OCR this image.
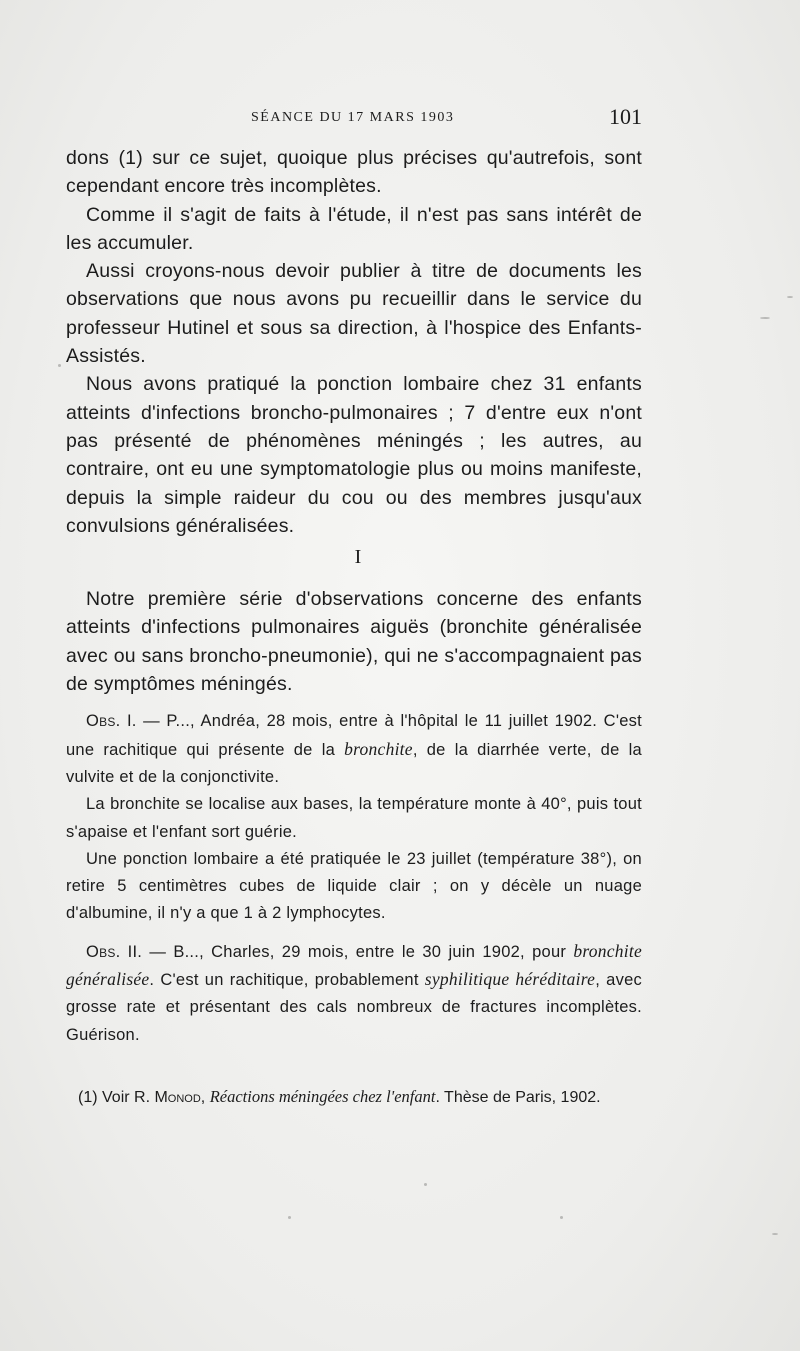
SÉANCE DU 17 MARS 1903	101

dons (1) sur ce sujet, quoique plus précises qu'autrefois, sont cependant encore très incomplètes.

Comme il s'agit de faits à l'étude, il n'est pas sans intérêt de les accumuler.

Aussi croyons-nous devoir publier à titre de documents les observations que nous avons pu recueillir dans le service du professeur Hutinel et sous sa direction, à l'hospice des Enfants-Assistés.

Nous avons pratiqué la ponction lombaire chez 31 enfants atteints d'infections broncho-pulmonaires ; 7 d'entre eux n'ont pas présenté de phénomènes méningés ; les autres, au contraire, ont eu une symptomatologie plus ou moins manifeste, depuis la simple raideur du cou ou des membres jusqu'aux convulsions généralisées.

I

Notre première série d'observations concerne des enfants atteints d'infections pulmonaires aiguës (bronchite généralisée avec ou sans broncho-pneumonie), qui ne s'accompagnaient pas de symptômes méningés.

Obs. I. — P..., Andréa, 28 mois, entre à l'hôpital le 11 juillet 1902. C'est une rachitique qui présente de la bronchite, de la diarrhée verte, de la vulvite et de la conjonctivite.

La bronchite se localise aux bases, la température monte à 40°, puis tout s'apaise et l'enfant sort guérie.

Une ponction lombaire a été pratiquée le 23 juillet (température 38°), on retire 5 centimètres cubes de liquide clair ; on y décèle un nuage d'albumine, il n'y a que 1 à 2 lymphocytes.

Obs. II. — B..., Charles, 29 mois, entre le 30 juin 1902, pour bronchite généralisée. C'est un rachitique, probablement syphilitique héréditaire, avec grosse rate et présentant des cals nombreux de fractures incomplètes. Guérison.

(1) Voir R. Monod, Réactions méningées chez l'enfant. Thèse de Paris, 1902.
